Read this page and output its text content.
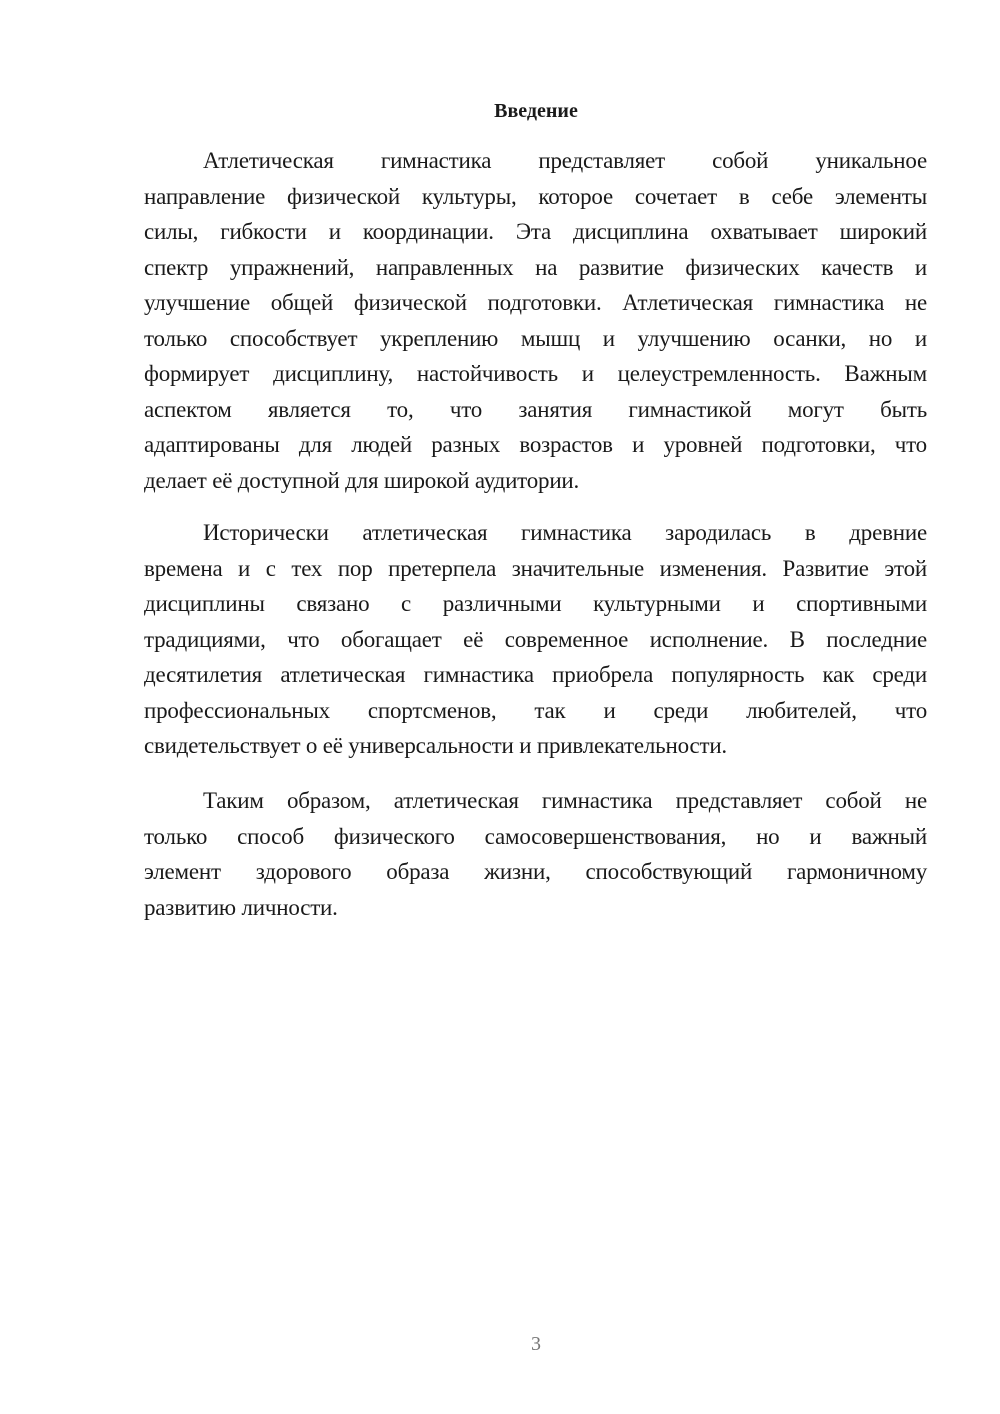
Введение
Атлетическая гимнастика представляет собой уникальное
направление физической культуры, которое сочетает в себе элементы
силы, гибкости и координации. Эта дисциплина охватывает широкий
спектр упражнений, направленных на развитие физических качеств и
улучшение общей физической подготовки. Атлетическая гимнастика не
только способствует укреплению мышц и улучшению осанки, но и
формирует дисциплину, настойчивость и целеустремленность. Важным
аспектом является то, что занятия гимнастикой могут быть
адаптированы для людей разных возрастов и уровней подготовки, что
делает её доступной для широкой аудитории.
Исторически атлетическая гимнастика зародилась в древние
времена и с тех пор претерпела значительные изменения. Развитие этой
дисциплины связано с различными культурными и спортивными
традициями, что обогащает её современное исполнение. В последние
десятилетия атлетическая гимнастика приобрела популярность как среди
профессиональных спортсменов, так и среди любителей, что
свидетельствует о её универсальности и привлекательности.
Таким образом, атлетическая гимнастика представляет собой не
только способ физического самосовершенствования, но и важный
элемент здорового образа жизни, способствующий гармоничному
развитию личности.
3
